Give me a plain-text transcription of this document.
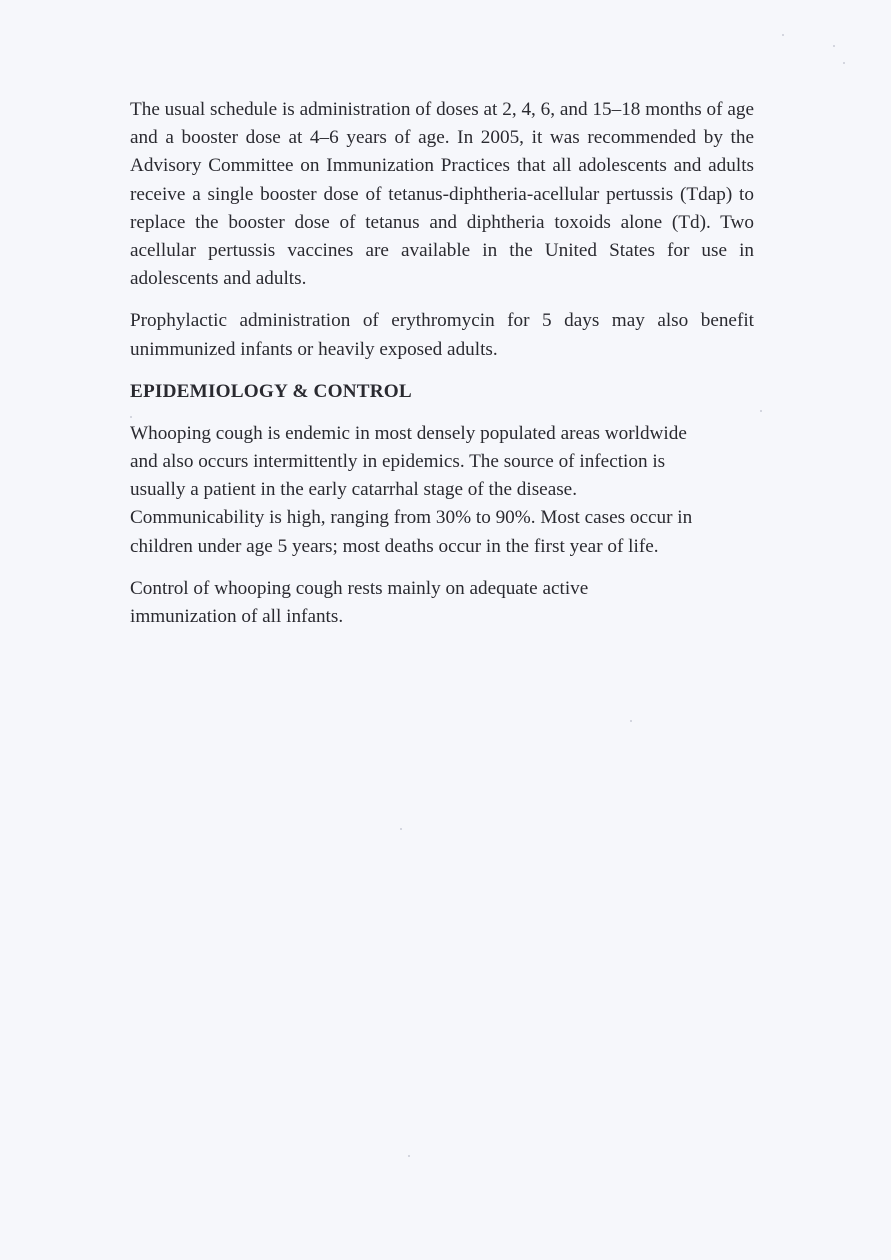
The usual schedule is administration of doses at 2, 4, 6, and 15–18 months of age and a booster dose at 4–6 years of age. In 2005, it was recommended by the Advisory Committee on Immunization Practices that all adolescents and adults receive a single booster dose of tetanus-diphtheria-acellular pertussis (Tdap) to replace the booster dose of tetanus and diphtheria toxoids alone (Td). Two acellular pertussis vaccines are available in the United States for use in adolescents and adults.

Prophylactic administration of erythromycin for 5 days may also benefit unimmunized infants or heavily exposed adults.

EPIDEMIOLOGY & CONTROL

Whooping cough is endemic in most densely populated areas worldwide
and also occurs intermittently in epidemics. The source of infection is
usually a patient in the early catarrhal stage of the disease.
Communicability is high, ranging from 30% to 90%. Most cases occur in
children under age 5 years; most deaths occur in the first year of life.

Control of whooping cough rests mainly on adequate active
immunization of all infants.
